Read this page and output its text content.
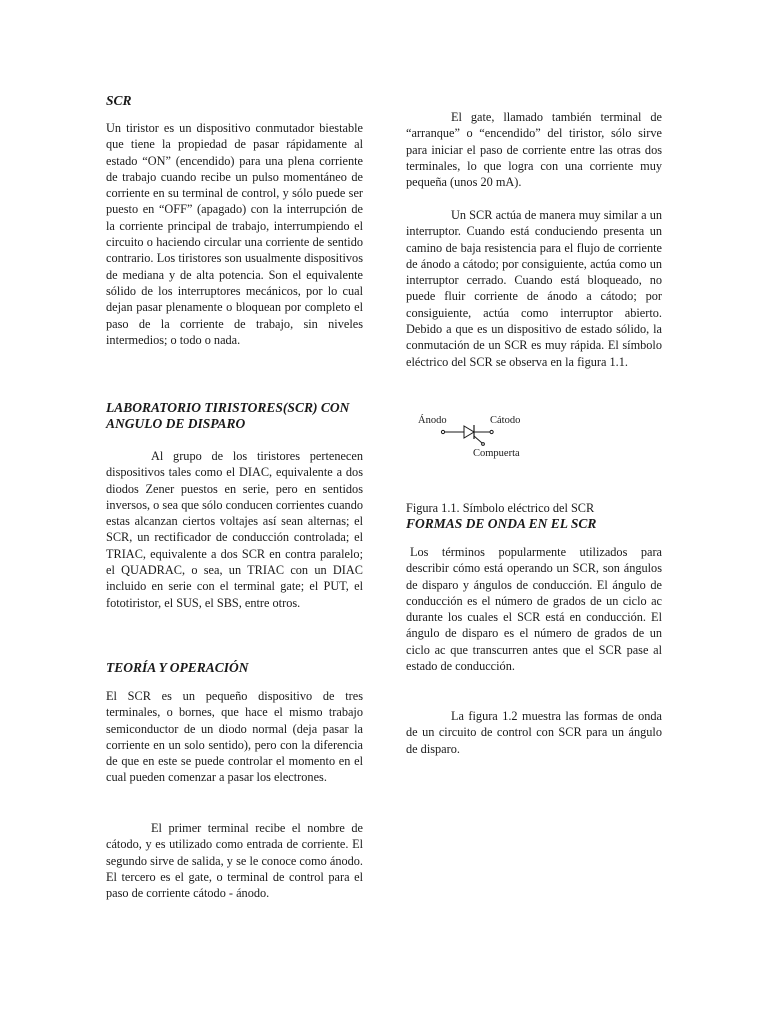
SCR

Un tiristor es un dispositivo conmutador biestable que tiene la propiedad de pasar rápidamente al estado “ON” (encendido) para una plena corriente de trabajo cuando recibe un pulso momentáneo de corriente en su terminal de control, y sólo puede ser puesto en “OFF” (apagado) con la interrupción de la corriente principal de trabajo, interrumpiendo el circuito o haciendo circular una corriente de sentido contrario. Los tiristores son usualmente dispositivos de mediana y de alta potencia. Son el equivalente sólido de los interruptores mecánicos, por lo cual dejan pasar plenamente o bloquean por completo el paso de la corriente de trabajo, sin niveles intermedios; o todo o nada.

LABORATORIO TIRISTORES(SCR) CON ANGULO DE DISPARO

Al grupo de los tiristores pertenecen dispositivos tales como el DIAC, equivalente a dos diodos Zener puestos en serie, pero en sentidos inversos, o sea que sólo conducen corrientes cuando estas alcanzan ciertos voltajes así sean alternas; el SCR, un rectificador de conducción controlada; el TRIAC, equivalente a dos SCR en contra paralelo; el QUADRAC, o sea, un TRIAC con un DIAC incluido en serie con el terminal gate; el PUT, el fototiristor, el SUS, el SBS, entre otros.

TEORÍA Y OPERACIÓN

El SCR es un pequeño dispositivo de tres terminales, o bornes, que hace el mismo trabajo semiconductor de un diodo normal (deja pasar la corriente en un solo sentido), pero con la diferencia de que en este se puede controlar el momento en el cual pueden comenzar a pasar los electrones.

El primer terminal recibe el nombre de cátodo, y es utilizado como entrada de corriente. El segundo sirve de salida, y se le conoce como ánodo. El tercero es el gate, o terminal de control para el paso de corriente cátodo - ánodo.

El gate, llamado también terminal de “arranque” o “encendido” del tiristor, sólo sirve para iniciar el paso de corriente entre las otras dos terminales, lo que logra con una corriente muy pequeña (unos 20 mA).

Un SCR actúa de manera muy similar a un interruptor. Cuando está conduciendo presenta un camino de baja resistencia para el flujo de corriente de ánodo a cátodo; por consiguiente, actúa como un interruptor cerrado. Cuando está bloqueado, no puede fluir corriente de ánodo a cátodo; por consiguiente, actúa como interruptor abierto. Debido a que es un dispositivo de estado sólido, la conmutación de un SCR es muy rápida. El símbolo eléctrico del SCR se observa en la figura 1.1.

Ánodo	Cátodo
Compuerta

Figura 1.1. Símbolo eléctrico del SCR

FORMAS DE ONDA EN EL SCR

Los términos popularmente utilizados para describir cómo está operando un SCR, son ángulos de disparo y ángulos de conducción. El ángulo de conducción es el número de grados de un ciclo ac durante los cuales el SCR está en conducción. El ángulo de disparo es el número de grados de un ciclo ac que transcurren antes que el SCR pase al estado de conducción.

La figura 1.2 muestra las formas de onda de un circuito de control con SCR para un ángulo de disparo.
